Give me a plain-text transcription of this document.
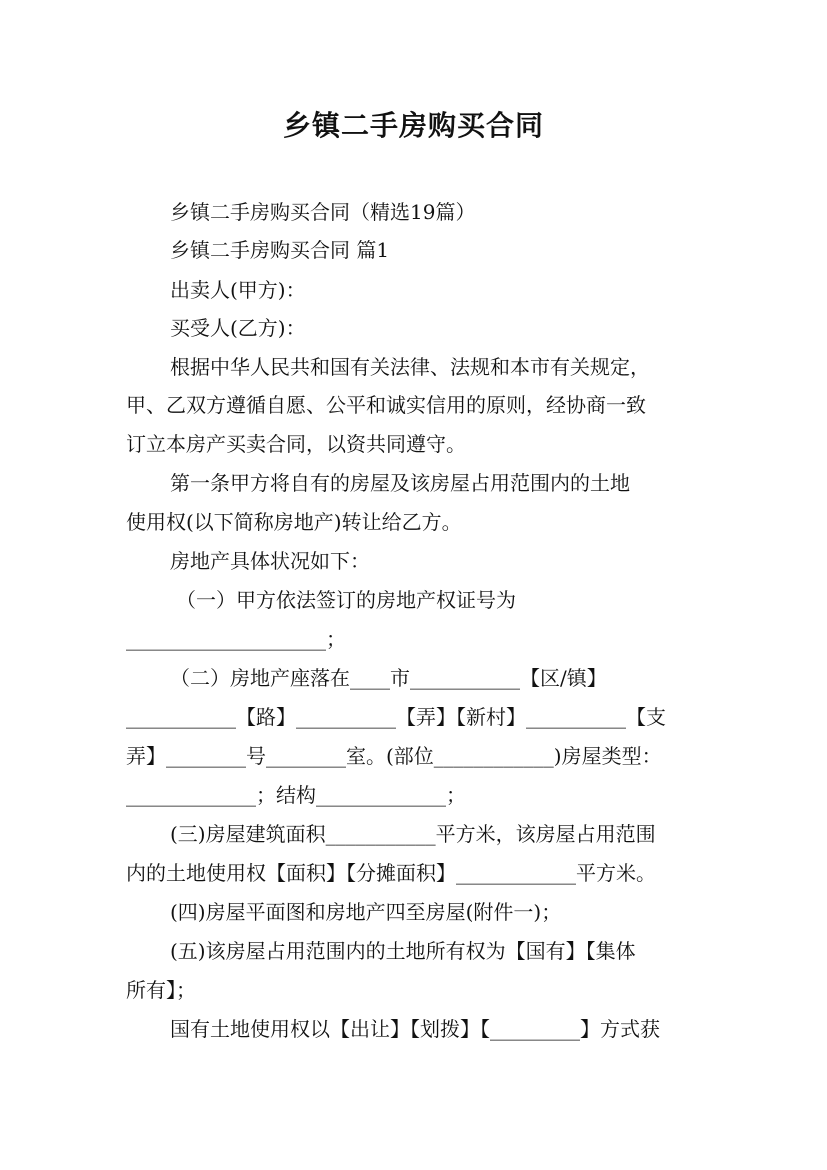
乡镇二手房购买合同
乡镇二手房购买合同（精选19篇）
乡镇二手房购买合同 篇1
出卖人(甲方)：
买受人(乙方)：
根据中华人民共和国有关法律、法规和本市有关规定，
甲、乙双方遵循自愿、公平和诚实信用的原则，经协商一致
订立本房产买卖合同，以资共同遵守。
第一条甲方将自有的房屋及该房屋占用范围内的土地
使用权(以下简称房地产)转让给乙方。
房地产具体状况如下：
（一）甲方依法签订的房地产权证号为
____________________；
（二）房地产座落在____市___________【区/镇】
___________【路】__________【弄】【新村】__________【支
弄】________号________室。(部位____________)房屋类型：
_____________；结构_____________；
(三)房屋建筑面积___________平方米，该房屋占用范围
内的土地使用权【面积】【分摊面积】____________平方米。
(四)房屋平面图和房地产四至房屋(附件一)；
(五)该房屋占用范围内的土地所有权为【国有】【集体
所有】；
国有土地使用权以【出让】【划拨】【_________】方式获
